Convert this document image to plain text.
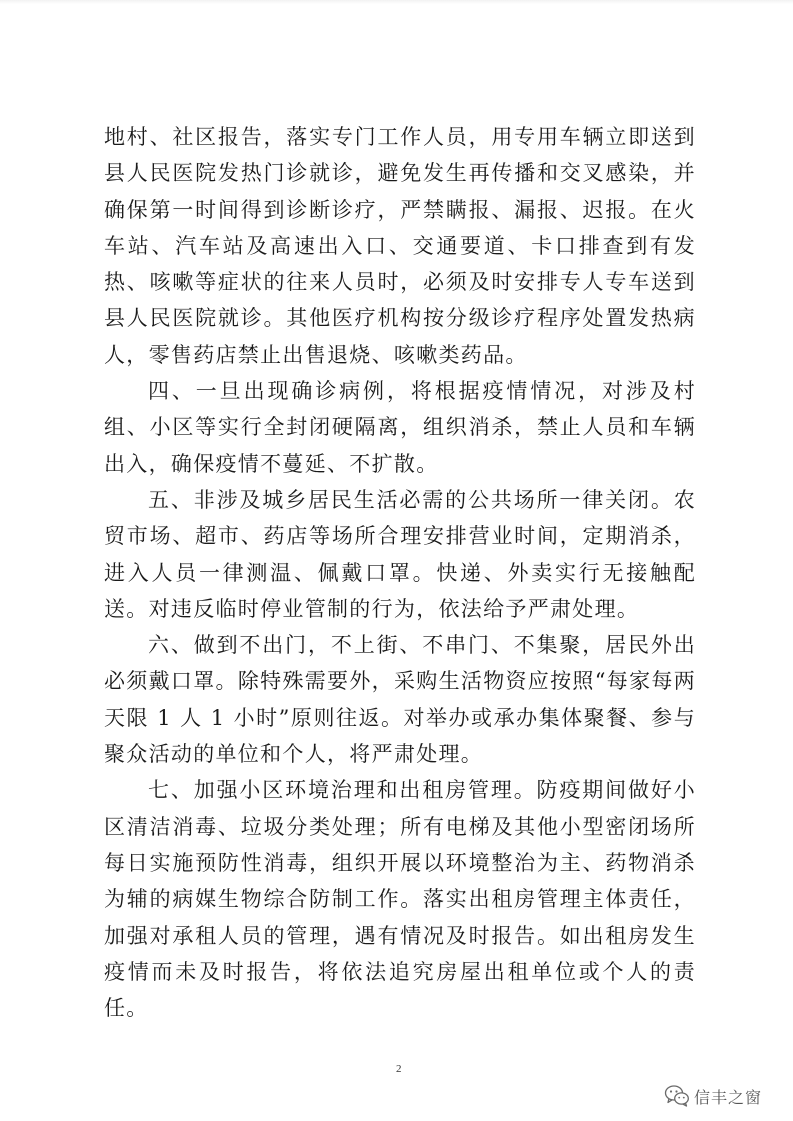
地村、社区报告，落实专门工作人员，用专用车辆立即送到县人民医院发热门诊就诊，避免发生再传播和交叉感染，并确保第一时间得到诊断诊疗，严禁瞒报、漏报、迟报。在火车站、汽车站及高速出入口、交通要道、卡口排查到有发热、咳嗽等症状的往来人员时，必须及时安排专人专车送到县人民医院就诊。其他医疗机构按分级诊疗程序处置发热病人，零售药店禁止出售退烧、咳嗽类药品。

四、一旦出现确诊病例，将根据疫情情况，对涉及村组、小区等实行全封闭硬隔离，组织消杀，禁止人员和车辆出入，确保疫情不蔓延、不扩散。

五、非涉及城乡居民生活必需的公共场所一律关闭。农贸市场、超市、药店等场所合理安排营业时间，定期消杀，进入人员一律测温、佩戴口罩。快递、外卖实行无接触配送。对违反临时停业管制的行为，依法给予严肃处理。

六、做到不出门，不上街、不串门、不集聚，居民外出必须戴口罩。除特殊需要外，采购生活物资应按照“每家每两天限 1 人 1 小时”原则往返。对举办或承办集体聚餐、参与聚众活动的单位和个人，将严肃处理。

七、加强小区环境治理和出租房管理。防疫期间做好小区清洁消毒、垃圾分类处理；所有电梯及其他小型密闭场所每日实施预防性消毒，组织开展以环境整治为主、药物消杀为辅的病媒生物综合防制工作。落实出租房管理主体责任，加强对承租人员的管理，遇有情况及时报告。如出租房发生疫情而未及时报告，将依法追究房屋出租单位或个人的责任。

2
信丰之窗
